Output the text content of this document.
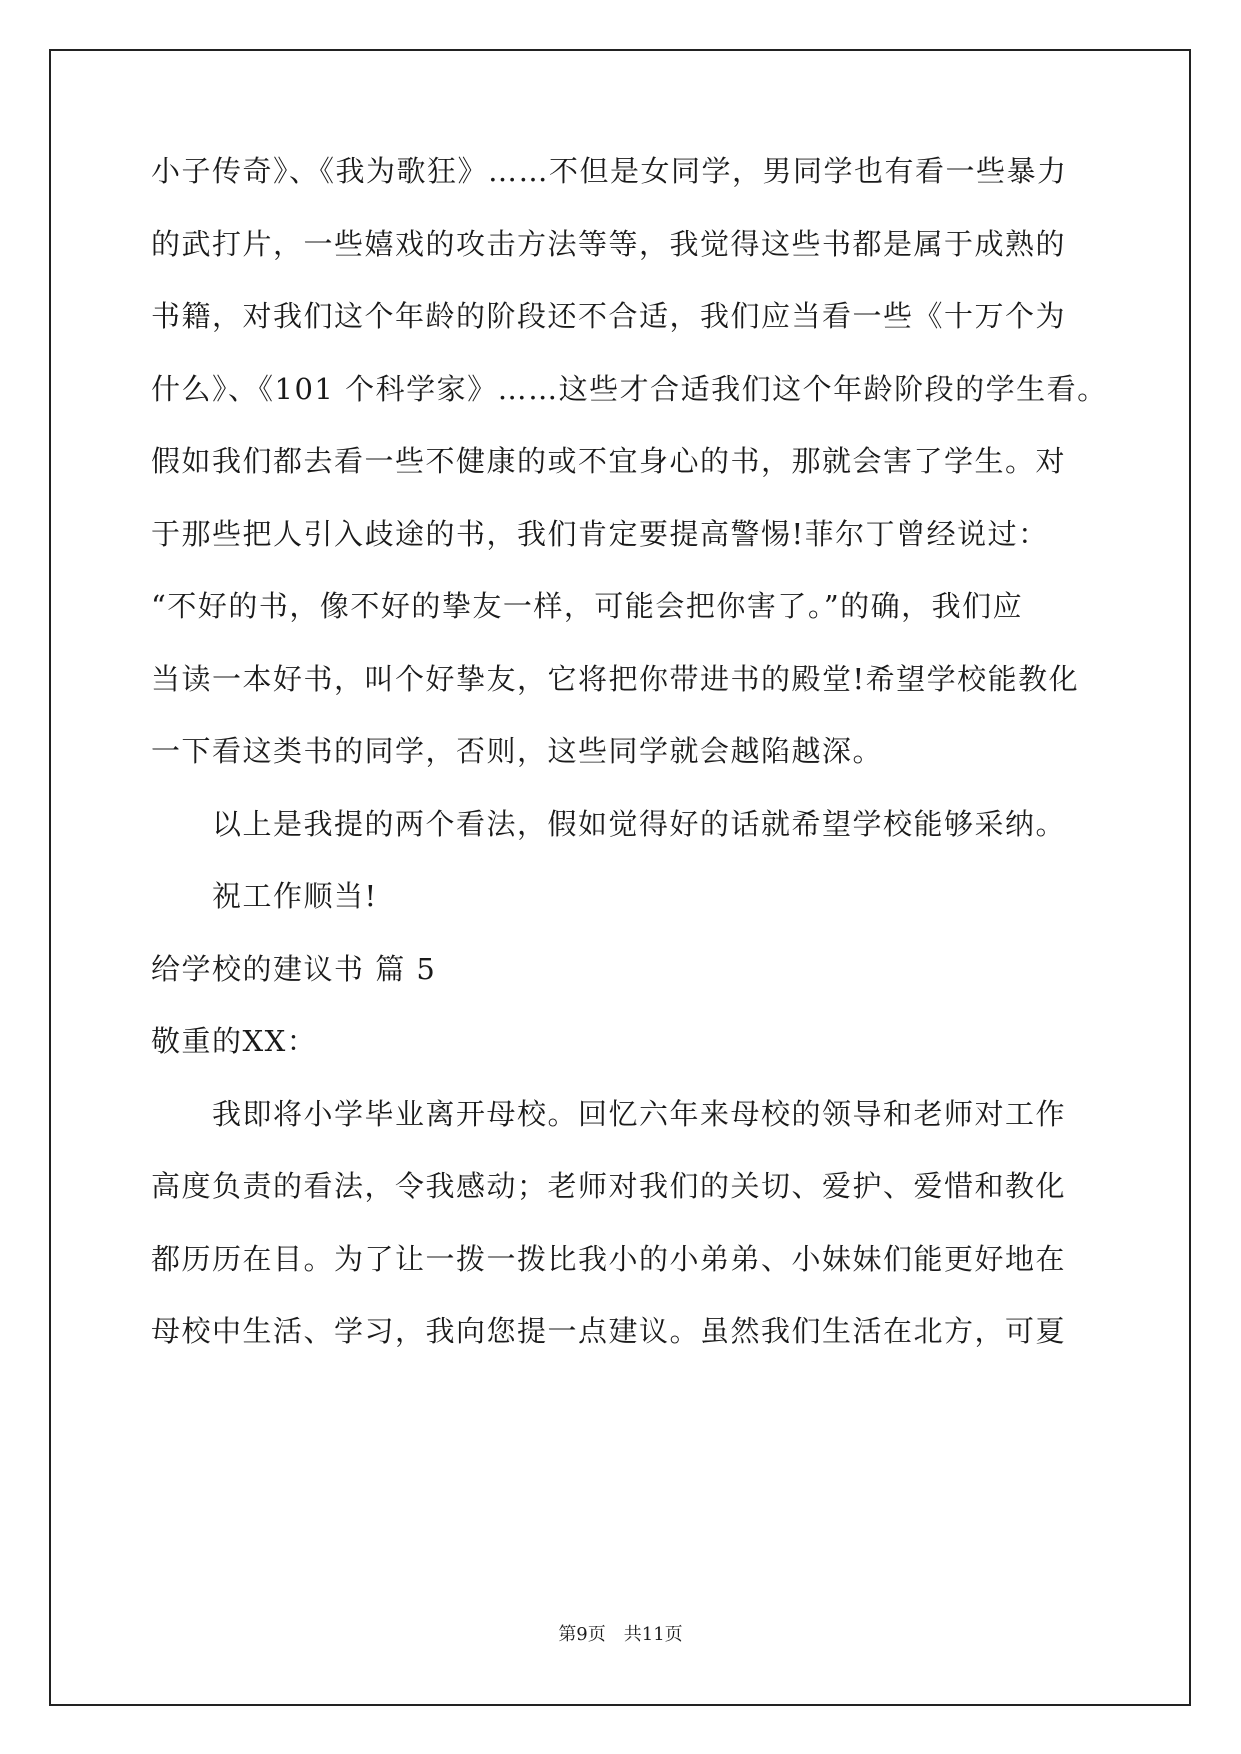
小子传奇》、《我为歌狂》……不但是女同学，男同学也有看一些暴力
的武打片，一些嬉戏的攻击方法等等，我觉得这些书都是属于成熟的
书籍，对我们这个年龄的阶段还不合适，我们应当看一些《十万个为
什么》、《101 个科学家》……这些才合适我们这个年龄阶段的学生看。
假如我们都去看一些不健康的或不宜身心的书，那就会害了学生。对
于那些把人引入歧途的书，我们肯定要提高警惕!菲尔丁曾经说过：
“不好的书，像不好的挚友一样，可能会把你害了。”的确，我们应
当读一本好书，叫个好挚友，它将把你带进书的殿堂!希望学校能教化
一下看这类书的同学，否则，这些同学就会越陷越深。
以上是我提的两个看法，假如觉得好的话就希望学校能够采纳。
祝工作顺当!
给学校的建议书 篇 5
敬重的XX：
我即将小学毕业离开母校。回忆六年来母校的领导和老师对工作
高度负责的看法，令我感动；老师对我们的关切、爱护、爱惜和教化
都历历在目。为了让一拨一拨比我小的小弟弟、小妹妹们能更好地在
母校中生活、学习，我向您提一点建议。虽然我们生活在北方，可夏
第9页　共11页
